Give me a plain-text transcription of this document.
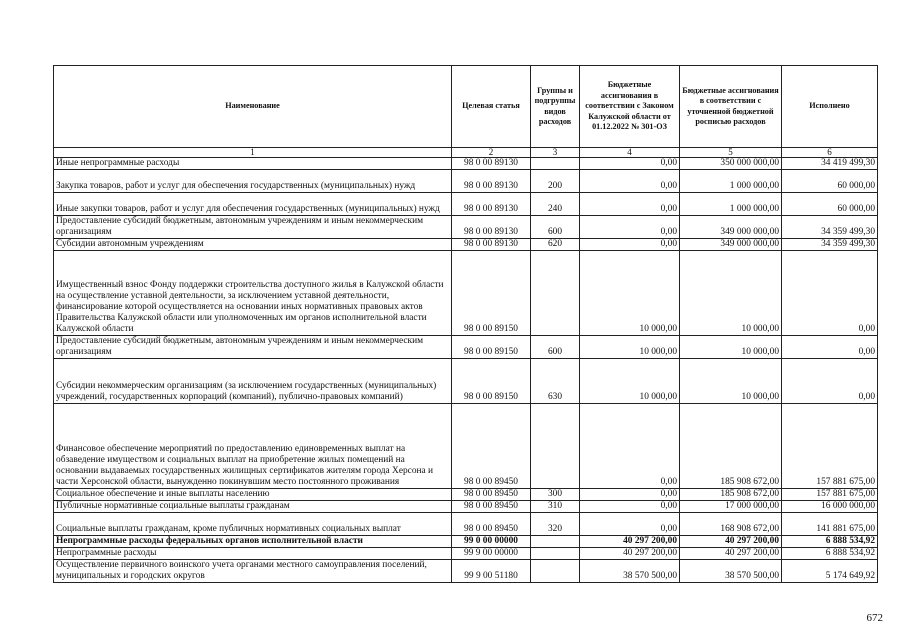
Наименование	Целевая статья	Группы и подгруппы видов расходов	Бюджетные ассигнования в соответствии с Законом Калужской области от 01.12.2022 № 301-ОЗ	Бюджетные ассигнования в соответствии с уточненной бюджетной росписью расходов	Исполнено
1	2	3	4	5	6
Иные непрограммные расходы	98 0 00 89130		0,00	350 000 000,00	34 419 499,30
Закупка товаров, работ и услуг для обеспечения государственных (муниципальных) нужд	98 0 00 89130	200	0,00	1 000 000,00	60 000,00
Иные закупки товаров, работ и услуг для обеспечения государственных (муниципальных) нужд	98 0 00 89130	240	0,00	1 000 000,00	60 000,00
Предоставление субсидий бюджетным, автономным учреждениям и иным некоммерческим организациям	98 0 00 89130	600	0,00	349 000 000,00	34 359 499,30
Субсидии автономным учреждениям	98 0 00 89130	620	0,00	349 000 000,00	34 359 499,30
Имущественный взнос Фонду поддержки строительства доступного жилья в Калужской области на осуществление уставной деятельности, за исключением уставной деятельности, финансирование которой осуществляется на основании иных нормативных правовых актов Правительства Калужской области или уполномоченных им органов исполнительной власти Калужской области	98 0 00 89150		10 000,00	10 000,00	0,00
Предоставление субсидий бюджетным, автономным учреждениям и иным некоммерческим организациям	98 0 00 89150	600	10 000,00	10 000,00	0,00
Субсидии некоммерческим организациям (за исключением государственных (муниципальных) учреждений, государственных корпораций (компаний), публично-правовых компаний)	98 0 00 89150	630	10 000,00	10 000,00	0,00
Финансовое обеспечение мероприятий по предоставлению единовременных выплат на обзаведение имуществом и социальных выплат на приобретение жилых помещений на основании выдаваемых государственных жилищных сертификатов жителям города Херсона и части Херсонской области, вынужденно покинувшим место постоянного проживания	98 0 00 89450		0,00	185 908 672,00	157 881 675,00
Социальное обеспечение и иные выплаты населению	98 0 00 89450	300	0,00	185 908 672,00	157 881 675,00
Публичные нормативные социальные выплаты гражданам	98 0 00 89450	310	0,00	17 000 000,00	16 000 000,00
Социальные выплаты гражданам, кроме публичных нормативных социальных выплат	98 0 00 89450	320	0,00	168 908 672,00	141 881 675,00
Непрограммные расходы федеральных органов исполнительной власти	99 0 00 00000		40 297 200,00	40 297 200,00	6 888 534,92
Непрограммные расходы	99 9 00 00000		40 297 200,00	40 297 200,00	6 888 534,92
Осуществление первичного воинского учета органами местного самоуправления поселений, муниципальных и городских округов	99 9 00 51180		38 570 500,00	38 570 500,00	5 174 649,92
672
